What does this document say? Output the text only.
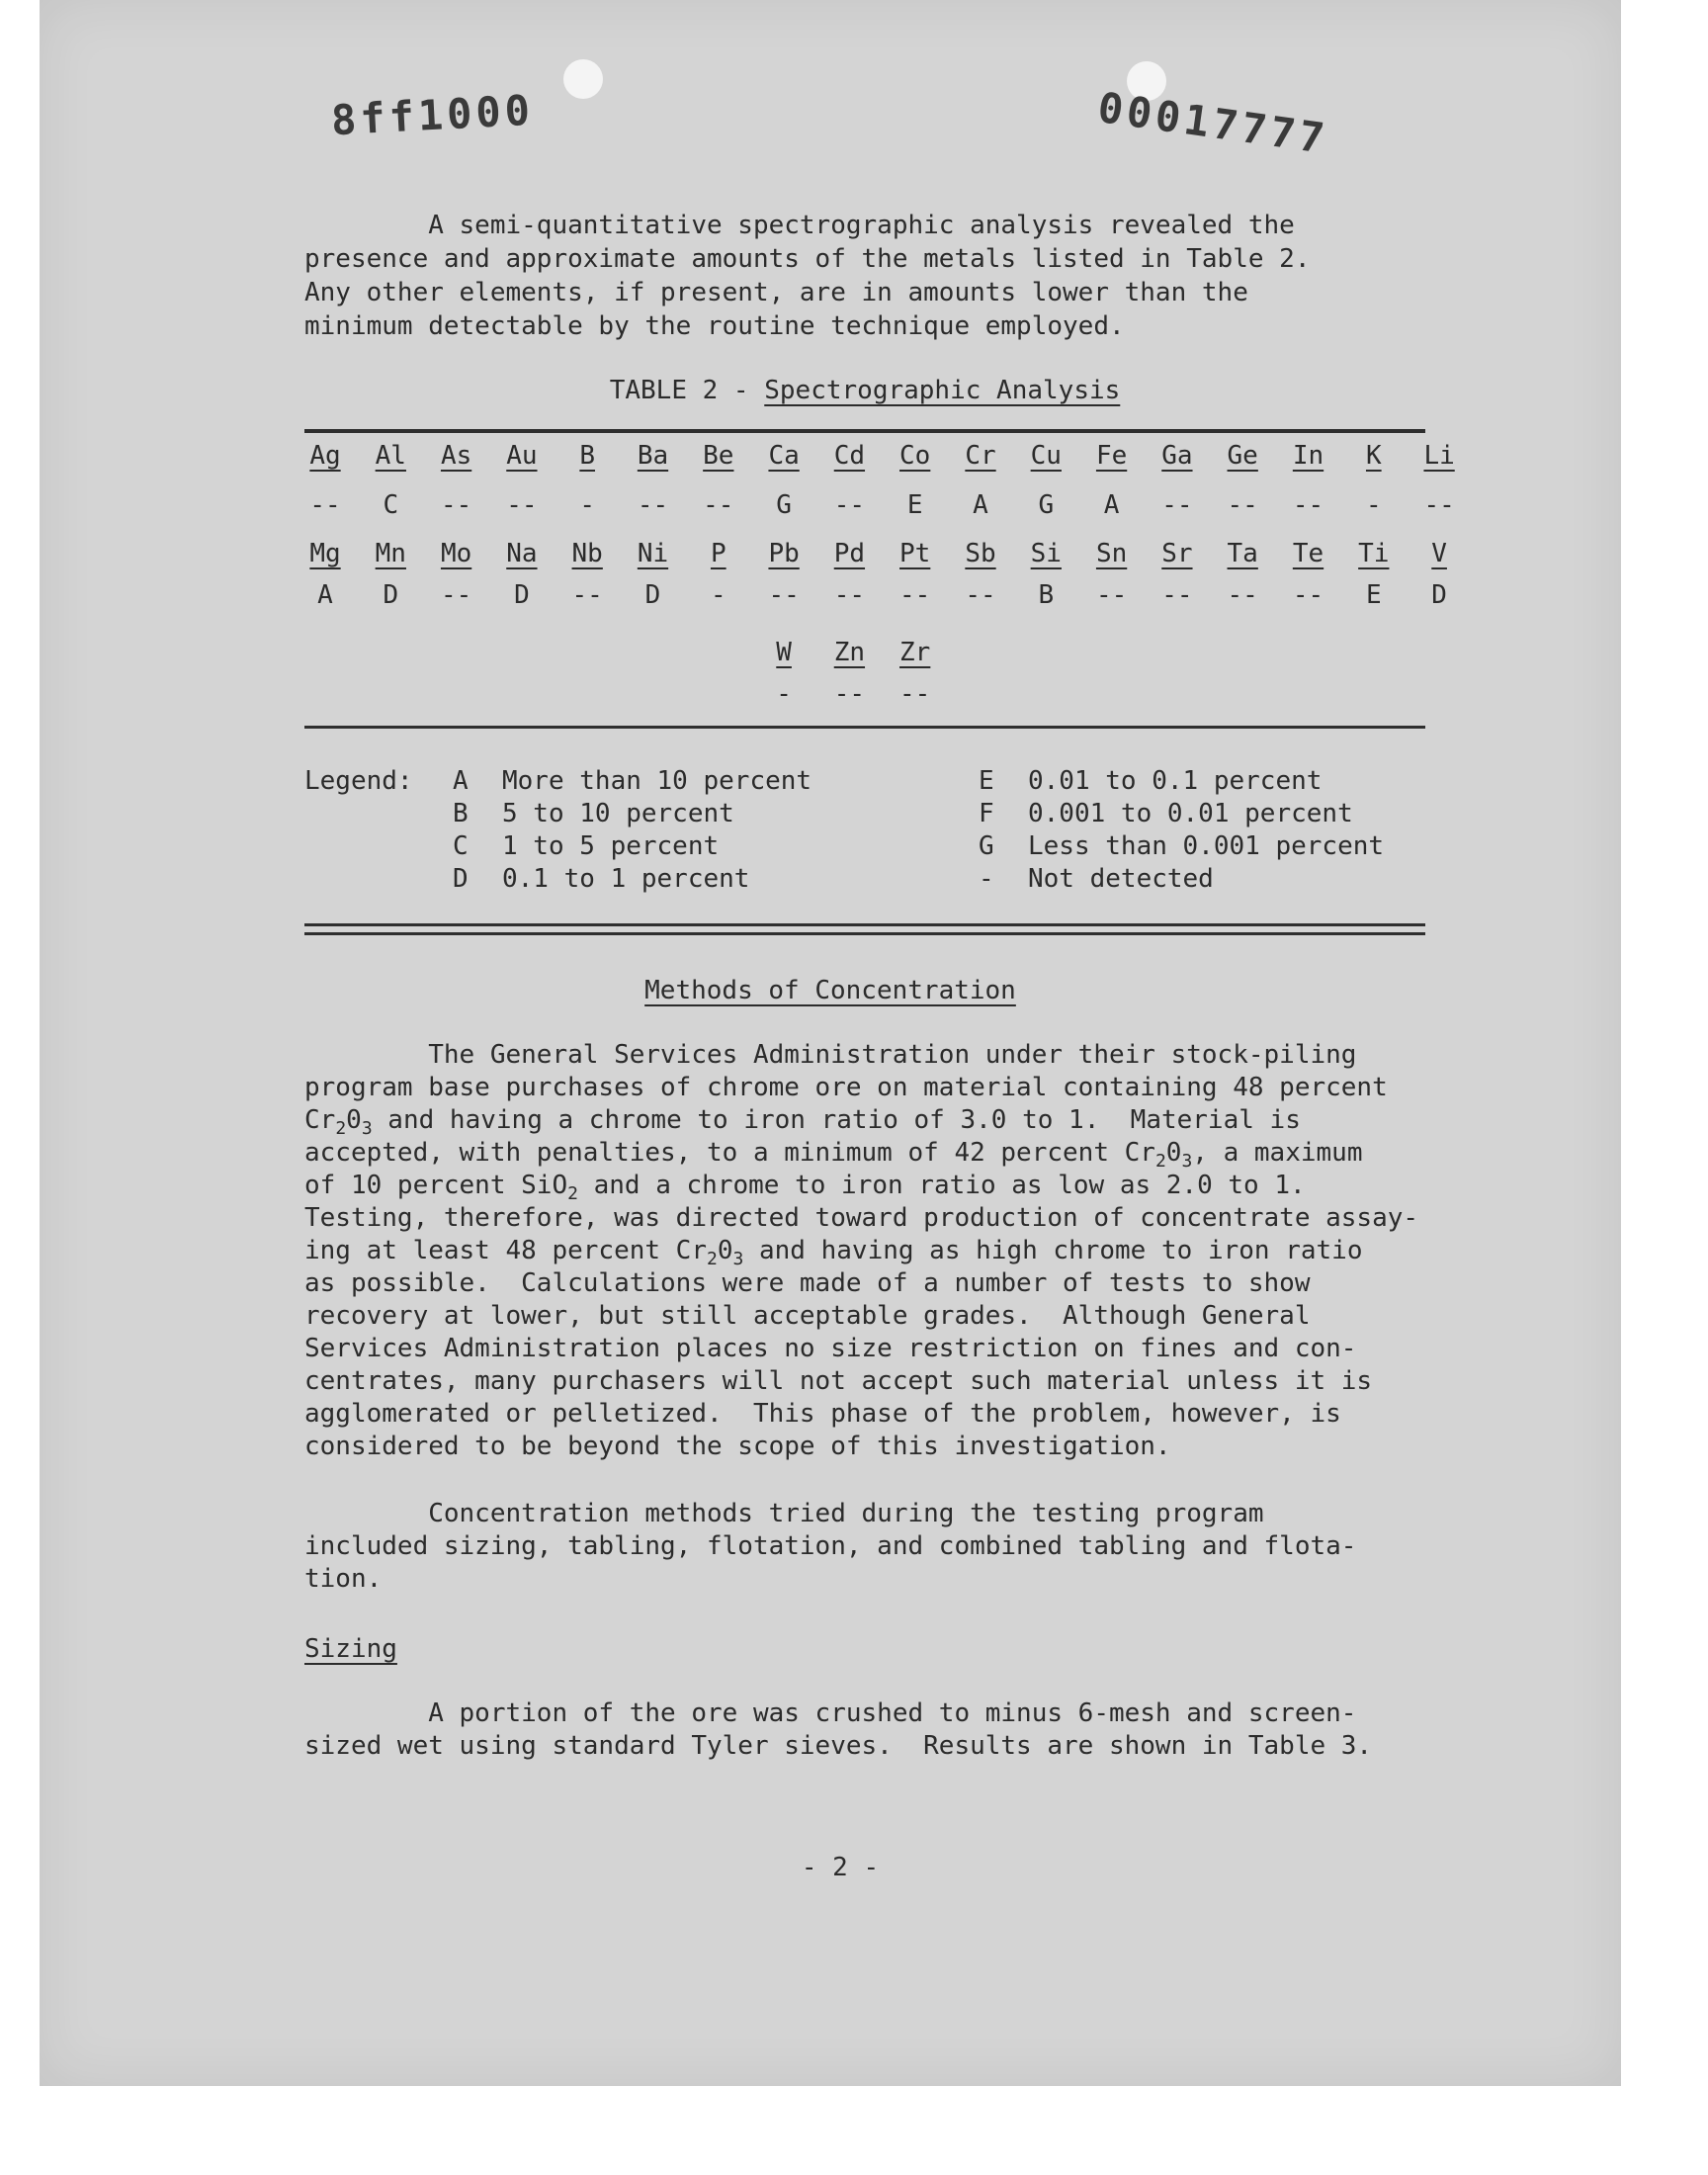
8ff1000	00017777
A semi-quantitative spectrographic analysis revealed the
presence and approximate amounts of the metals listed in Table 2.
Any other elements, if present, are in amounts lower than the
minimum detectable by the routine technique employed.
TABLE 2 - Spectrographic Analysis
Ag	Al	As	Au	B	Ba	Be	Ca	Cd	Co	Cr	Cu	Fe	Ga	Ge	In	K	Li
--	C	--	--	-	--	--	G	--	E	A	G	A	--	--	--	-	--
Mg	Mn	Mo	Na	Nb	Ni	P	Pb	Pd	Pt	Sb	Si	Sn	Sr	Ta	Te	Ti	V
A	D	--	D	--	D	-	--	--	--	--	B	--	--	--	--	E	D
W	Zn	Zr
-	--	--
Legend: A More than 10 percent
B 5 to 10 percent
C 1 to 5 percent
D 0.1 to 1 percent
E 0.01 to 0.1 percent
F 0.001 to 0.01 percent
G Less than 0.001 percent
- Not detected
Methods of Concentration
The General Services Administration under their stock-piling
program base purchases of chrome ore on material containing 48 percent
$Cr_20_3$ and having a chrome to iron ratio of 3.0 to 1.  Material is
accepted, with penalties, to a minimum of 42 percent $Cr_20_3$, a maximum
of 10 percent SiO$_2$ and a chrome to iron ratio as low as 2.0 to 1.
Testing, therefore, was directed toward production of concentrate assay-
ing at least 48 percent $Cr_20_3$ and having as high chrome to iron ratio
as possible.  Calculations were made of a number of tests to show
recovery at lower, but still acceptable grades.  Although General
Services Administration places no size restriction on fines and con-
centrates, many purchasers will not accept such material unless it is
agglomerated or pelletized.  This phase of the problem, however, is
considered to be beyond the scope of this investigation.
Concentration methods tried during the testing program
included sizing, tabling, flotation, and combined tabling and flota-
tion.
Sizing
A portion of the ore was crushed to minus 6-mesh and screen-
sized wet using standard Tyler sieves.  Results are shown in Table 3.
- 2 -
